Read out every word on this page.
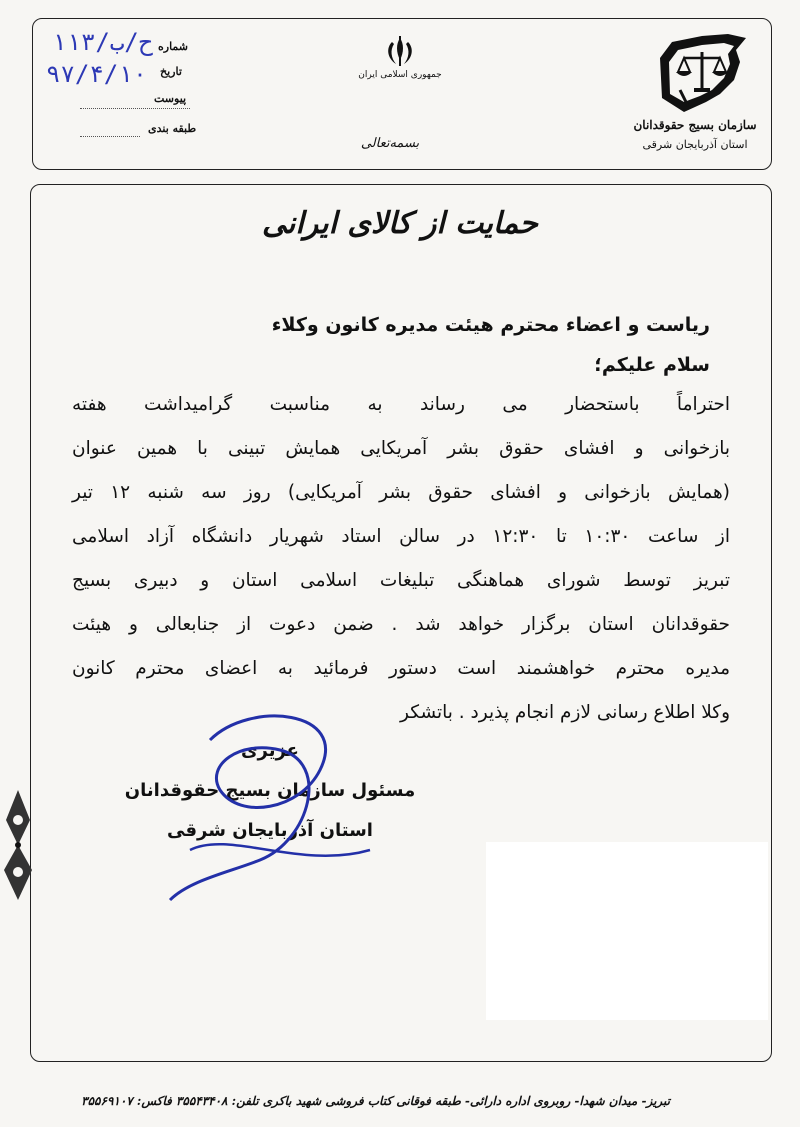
سازمان بسیج حقوقدانان
استان آذربایجان شرقی
جمهوری اسلامی ایران
بسمه‌تعالی
شماره
۱۱۳/ح/ب
تاریخ
۹۷/۴/۱۰
پیوست
طبقه بندی
حمایت از کالای ایرانی
ریاست و اعضاء محترم هیئت مدیره کانون وکلاء
سلام علیکم؛
احتراماً باستحضار می رساند به مناسبت گرامیداشت هفته
بازخوانی و افشای حقوق بشر آمریکایی همایش تبینی با همین عنوان
(همایش بازخوانی و افشای حقوق بشر آمریکایی) روز سه شنبه ۱۲ تیر
از ساعت ۱۰:۳۰ تا ۱۲:۳۰ در سالن استاد شهریار دانشگاه آزاد اسلامی
تبریز توسط شورای هماهنگی تبلیغات اسلامی استان و دبیری بسیج
حقوقدانان استان برگزار خواهد شد . ضمن دعوت از جنابعالی و هیئت
مدیره محترم خواهشمند است دستور فرمائید به اعضای محترم کانون
وکلا اطلاع رسانی لازم انجام پذیرد . باتشکر
عزیزی
مسئول سازمان بسیج حقوقدانان
استان آذربایجان شرقی
تبریز- میدان شهدا- روبروی اداره دارائی- طبقه فوقانی کتاب فروشی شهید باکری تلفن: ۳۵۵۴۳۴۰۸ فاکس: ۳۵۵۶۹۱۰۷
